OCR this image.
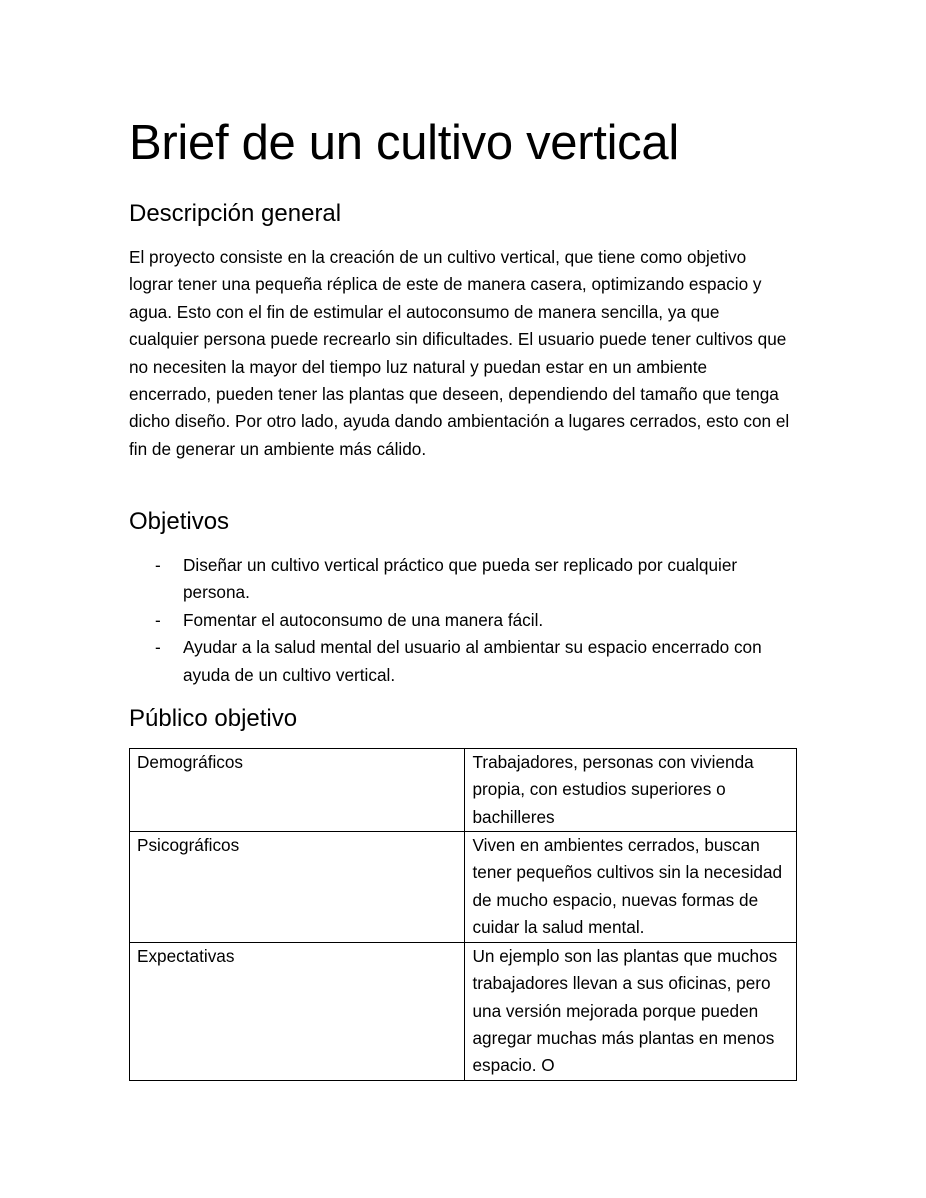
Brief de un cultivo vertical
Descripción general

El proyecto consiste en la creación de un cultivo vertical, que tiene como objetivo lograr tener una pequeña réplica de este de manera casera, optimizando espacio y agua. Esto con el fin de estimular el autoconsumo de manera sencilla, ya que cualquier persona puede recrearlo sin dificultades. El usuario puede tener cultivos que no necesiten la mayor del tiempo luz natural y puedan estar en un ambiente encerrado, pueden tener las plantas que deseen, dependiendo del tamaño que tenga dicho diseño. Por otro lado, ayuda dando ambientación a lugares cerrados, esto con el fin de generar un ambiente más cálido.

Objetivos
- Diseñar un cultivo vertical práctico que pueda ser replicado por cualquier persona.
- Fomentar el autoconsumo de una manera fácil.
- Ayudar a la salud mental del usuario al ambientar su espacio encerrado con ayuda de un cultivo vertical.
Público objetivo
Demográficos	Trabajadores, personas con vivienda propia, con estudios superiores o bachilleres
Psicográficos	Viven en ambientes cerrados, buscan tener pequeños cultivos sin la necesidad de mucho espacio, nuevas formas de cuidar la salud mental.
Expectativas	Un ejemplo son las plantas que muchos trabajadores llevan a sus oficinas, pero una versión mejorada porque pueden agregar muchas más plantas en menos espacio. O
